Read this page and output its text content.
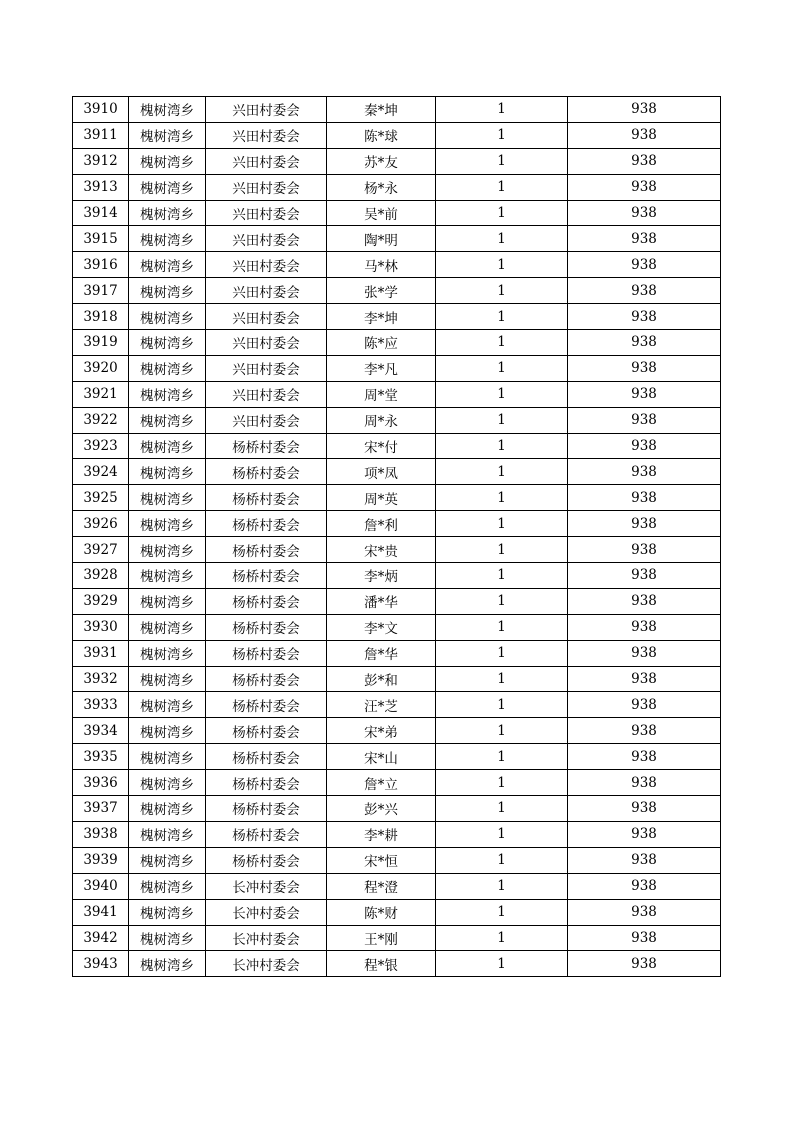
3910	槐树湾乡	兴田村委会	秦*坤	1	938
3911	槐树湾乡	兴田村委会	陈*球	1	938
3912	槐树湾乡	兴田村委会	苏*友	1	938
3913	槐树湾乡	兴田村委会	杨*永	1	938
3914	槐树湾乡	兴田村委会	吴*前	1	938
3915	槐树湾乡	兴田村委会	陶*明	1	938
3916	槐树湾乡	兴田村委会	马*林	1	938
3917	槐树湾乡	兴田村委会	张*学	1	938
3918	槐树湾乡	兴田村委会	李*坤	1	938
3919	槐树湾乡	兴田村委会	陈*应	1	938
3920	槐树湾乡	兴田村委会	李*凡	1	938
3921	槐树湾乡	兴田村委会	周*堂	1	938
3922	槐树湾乡	兴田村委会	周*永	1	938
3923	槐树湾乡	杨桥村委会	宋*付	1	938
3924	槐树湾乡	杨桥村委会	项*凤	1	938
3925	槐树湾乡	杨桥村委会	周*英	1	938
3926	槐树湾乡	杨桥村委会	詹*利	1	938
3927	槐树湾乡	杨桥村委会	宋*贵	1	938
3928	槐树湾乡	杨桥村委会	李*炳	1	938
3929	槐树湾乡	杨桥村委会	潘*华	1	938
3930	槐树湾乡	杨桥村委会	李*文	1	938
3931	槐树湾乡	杨桥村委会	詹*华	1	938
3932	槐树湾乡	杨桥村委会	彭*和	1	938
3933	槐树湾乡	杨桥村委会	汪*芝	1	938
3934	槐树湾乡	杨桥村委会	宋*弟	1	938
3935	槐树湾乡	杨桥村委会	宋*山	1	938
3936	槐树湾乡	杨桥村委会	詹*立	1	938
3937	槐树湾乡	杨桥村委会	彭*兴	1	938
3938	槐树湾乡	杨桥村委会	李*耕	1	938
3939	槐树湾乡	杨桥村委会	宋*恒	1	938
3940	槐树湾乡	长冲村委会	程*澄	1	938
3941	槐树湾乡	长冲村委会	陈*财	1	938
3942	槐树湾乡	长冲村委会	王*刚	1	938
3943	槐树湾乡	长冲村委会	程*银	1	938
